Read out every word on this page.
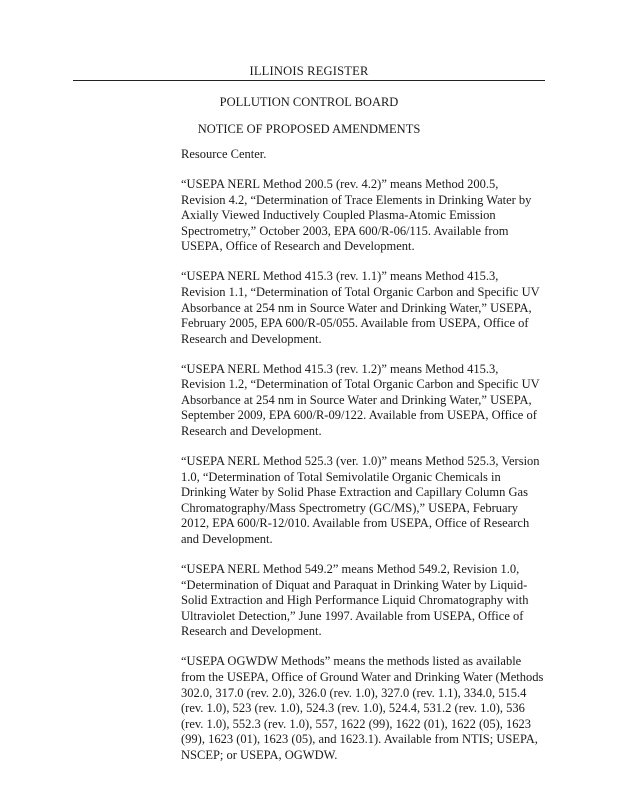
ILLINOIS REGISTER
POLLUTION CONTROL BOARD
NOTICE OF PROPOSED AMENDMENTS

Resource Center.

“USEPA NERL Method 200.5 (rev. 4.2)” means Method 200.5, Revision 4.2, “Determination of Trace Elements in Drinking Water by Axially Viewed Inductively Coupled Plasma-Atomic Emission Spectrometry,” October 2003, EPA 600/R-06/115. Available from USEPA, Office of Research and Development.

“USEPA NERL Method 415.3 (rev. 1.1)” means Method 415.3, Revision 1.1, “Determination of Total Organic Carbon and Specific UV Absorbance at 254 nm in Source Water and Drinking Water,” USEPA, February 2005, EPA 600/R-05/055. Available from USEPA, Office of Research and Development.

“USEPA NERL Method 415.3 (rev. 1.2)” means Method 415.3, Revision 1.2, “Determination of Total Organic Carbon and Specific UV Absorbance at 254 nm in Source Water and Drinking Water,” USEPA, September 2009, EPA 600/R-09/122. Available from USEPA, Office of Research and Development.

“USEPA NERL Method 525.3 (ver. 1.0)” means Method 525.3, Version 1.0, “Determination of Total Semivolatile Organic Chemicals in Drinking Water by Solid Phase Extraction and Capillary Column Gas Chromatography/Mass Spectrometry (GC/MS),” USEPA, February 2012, EPA 600/R-12/010. Available from USEPA, Office of Research and Development.

“USEPA NERL Method 549.2” means Method 549.2, Revision 1.0, “Determination of Diquat and Paraquat in Drinking Water by Liquid-Solid Extraction and High Performance Liquid Chromatography with Ultraviolet Detection,” June 1997. Available from USEPA, Office of Research and Development.

“USEPA OGWDW Methods” means the methods listed as available from the USEPA, Office of Ground Water and Drinking Water (Methods 302.0, 317.0 (rev. 2.0), 326.0 (rev. 1.0), 327.0 (rev. 1.1), 334.0, 515.4 (rev. 1.0), 523 (rev. 1.0), 524.3 (rev. 1.0), 524.4, 531.2 (rev. 1.0), 536 (rev. 1.0), 552.3 (rev. 1.0), 557, 1622 (99), 1622 (01), 1622 (05), 1623 (99), 1623 (01), 1623 (05), and 1623.1). Available from NTIS; USEPA, NSCEP; or USEPA, OGWDW.
